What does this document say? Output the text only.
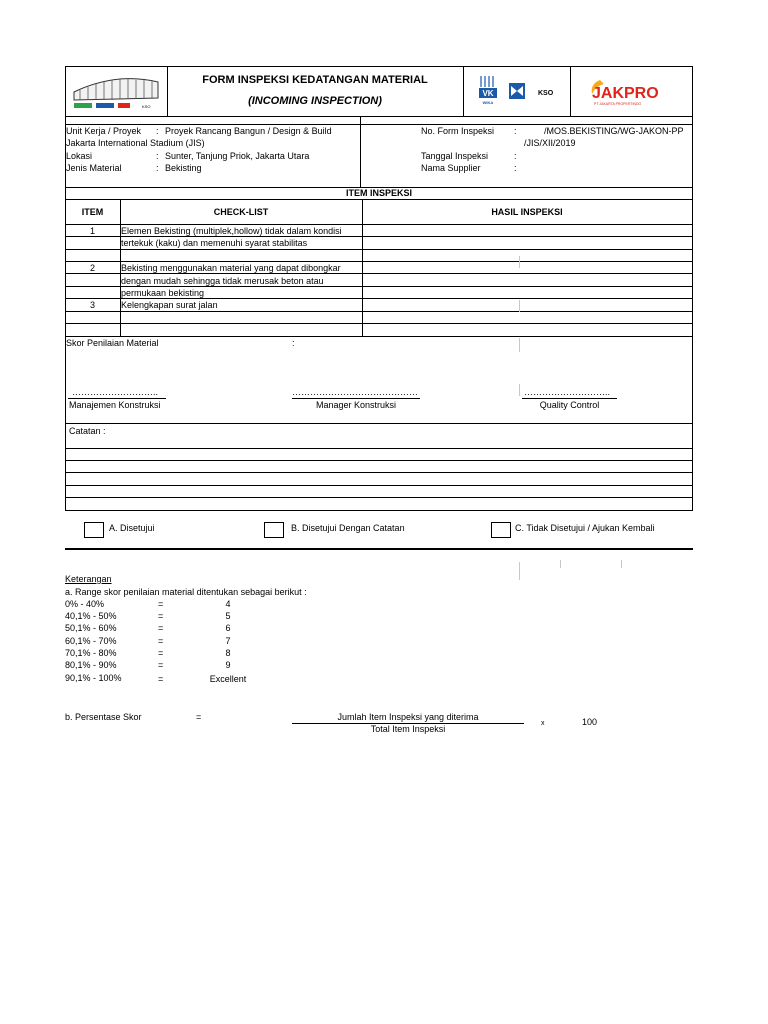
KSO
FORM INSPEKSI KEDATANGAN MATERIAL
(INCOMING INSPECTION)
VK
WIKA
KSO JAKPRO
PT JAKARTA PROPERTINDO
Unit Kerja / Proyek : Proyek Rancang Bangun / Design & Build
Jakarta International Stadium (JIS)
Lokasi	: Sunter, Tanjung Priok, Jakarta Utara
Jenis Material	: Bekisting
No. Form Inspeksi :	/MOS.BEKISTING/WG-JAKON-PP
/JIS/XII/2019
Tanggal Inspeksi	:
Nama Supplier	:
ITEM INSPEKSI
ITEM	CHECK-LIST	HASIL INSPEKSI
1	Elemen Bekisting (multiplek,hollow) tidak dalam kondisi
tertekuk (kaku) dan memenuhi syarat stabilitas
2	Bekisting menggunakan material yang dapat dibongkar
dengan mudah sehingga tidak merusak beton atau
permukaan bekisting
3	Kelengkapan surat jalan
Skor Penilaian Material	:
………………………..
Manajemen Konstruksi
……………………………………
Manager Konstruksi
………………………..
Quality Control
Catatan :
A. Disetujui	B. Disetujui Dengan Catatan	C. Tidak Disetujui / Ajukan Kembali
Keterangan
a. Range skor penilaian material ditentukan sebagai berikut :
0% - 40%	=	4
40,1% - 50%	=	5
50,1% - 60%	=	6
60,1% - 70%	=	7
70,1% - 80%	=	8
80,1% - 90%	=	9
90,1% - 100%	=	Excellent
b. Persentase Skor	=	Jumlah Item Inspeksi yang diterima
Total Item Inspeksi
x	100
